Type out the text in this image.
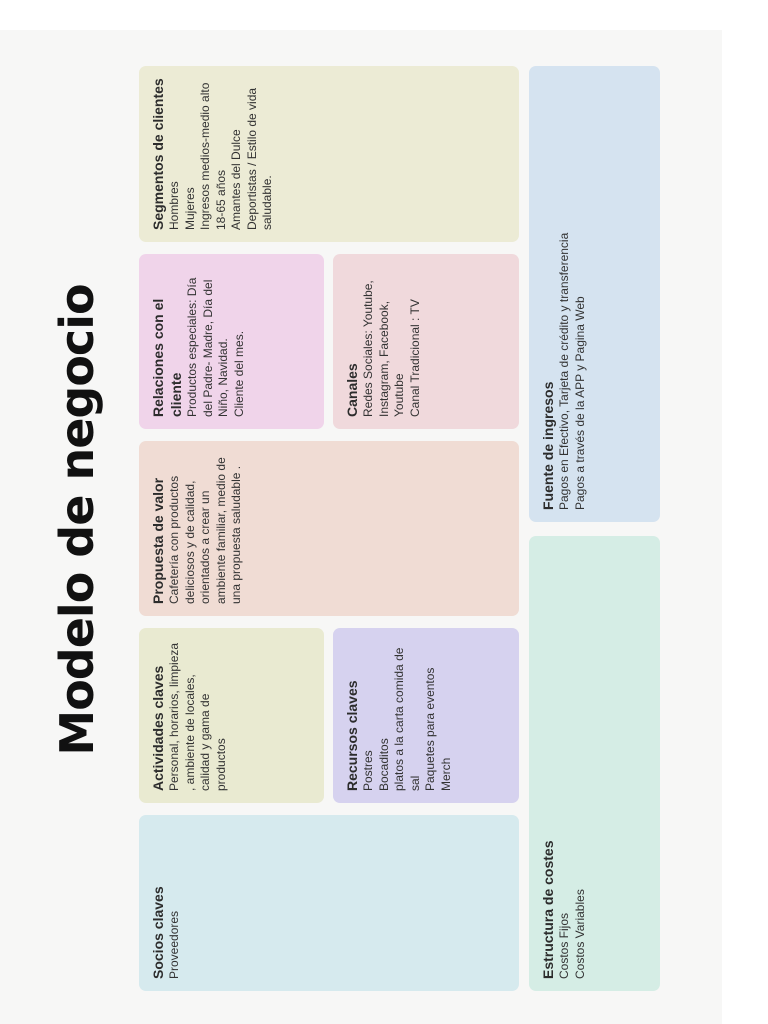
Modelo de negocio
Socios claves Proveedores
Actividades claves Personal, horarios, limpieza , ambiente de locales, calidad y gama de productos	Recursos claves Postres
Bocaditos
platos a la carta comida de sal
Paquetes para eventos
Merch
Propuesta de valor Cafetería con productos deliciosos y de calidad, orientados a crear un ambiente familiar, medio de una propuesta saludable .
Relaciones con el cliente Productos especiales: Día del Padre- Madre, Día del Niño, Navidad.
Cliente del mes.
Canales Redes Sociales: Youtube, Instagram, Facebook, Youtube
Canal Tradicional : TV
Segmentos de clientes Hombres
Mujeres
Ingresos medios-medio alto
18-65 años
Amantes del Dulce
Deportistas / Estilo de vida saludable.
Estructura de costes Costos Fijos
Costos Variables
Fuente de ingresos Pagos en Efectivo, Tarjeta de crédito y transferencia
Pagos a través de la APP y Pagina Web
